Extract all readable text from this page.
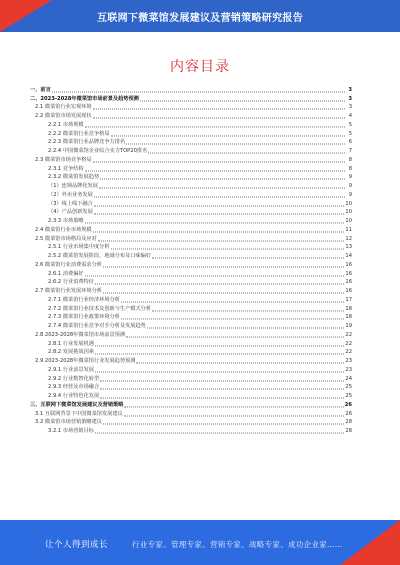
互联网下微菜馆发展建议及营销策略研究报告
内容目录
一、前言	3
二、2023-2028年微菜馆市场前景及趋势预测	3
2.1 微菜馆行业宏观环境	3
2.2 微菜馆市场发展现状	4
2.2.1 市场规模	5
2.2.2 微菜馆行业竞争格局	5
2.2.3 微菜馆行业品牌竞争力排名	6
2.2.4 中国微菜馆企业综合实力TOP20排名	7
2.3 微菜馆市场竞争格局	8
2.3.1 竞争结构	8
2.3.2 微菜馆发展趋势	9
（1）连锁品牌化发展	9
（2）外卖业务发展	9
（3）线上线下融合	10
（4）产品创新发展	10
2.3.3 市场策略	10
2.4 微菜馆行业市场规模	11
2.5 微菜馆市场格局及应对	12
2.5.1 行业市场集中度分析	13
2.5.2 微菜馆发展阶段、地域分布及口味偏好	14
2.6 微菜馆行业消费需求分析	16
2.6.1 消费偏好	16
2.6.2 行业消费特征	16
2.7 微菜馆行业发展环境分析	16
2.7.1 微菜馆行业经济环境分析	17
2.7.2 微菜馆行业技术及创新与生产模式分析	18
2.7.3 微菜馆行业政策环境分析	18
2.7.4 微菜馆行业竞争对手分析及发展趋势	19
2.8 2023-2028年微菜馆市场前景预测	22
2.8.1 行业发展机遇	22
2.8.2 发展挑战因素	22
2.9 2023-2028年微菜馆行业发展趋势预测	23
2.9.1 行业前景发展	23
2.9.2 行业数智化转型	24
2.9.3 经营及市场融合	25
2.9.4 行业特色化发展	25
三、互联网下微菜馆发展建议及营销策略	26
3.1 互联网背景下中国微菜馆发展建议	26
3.2 微菜馆市场营销策略建议	28
3.2.1 市场营销目标	28
让个人得到成长	行业专家、管理专家、营销专家、战略专家、成功企业家……
